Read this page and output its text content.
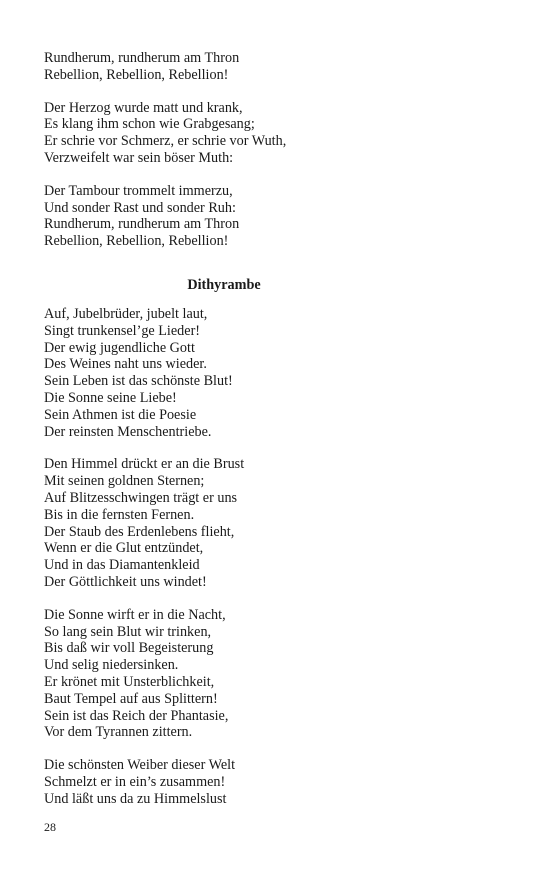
Rundherum, rundherum am Thron
Rebellion, Rebellion, Rebellion!
Der Herzog wurde matt und krank,
Es klang ihm schon wie Grabgesang;
Er schrie vor Schmerz, er schrie vor Wuth,
Verzweifelt war sein böser Muth:
Der Tambour trommelt immerzu,
Und sonder Rast und sonder Ruh:
Rundherum, rundherum am Thron
Rebellion, Rebellion, Rebellion!
Dithyrambe
Auf, Jubelbrüder, jubelt laut,
Singt trunkensel’ge Lieder!
Der ewig jugendliche Gott
Des Weines naht uns wieder.
Sein Leben ist das schönste Blut!
Die Sonne seine Liebe!
Sein Athmen ist die Poesie
Der reinsten Menschentriebe.
Den Himmel drückt er an die Brust
Mit seinen goldnen Sternen;
Auf Blitzesschwingen trägt er uns
Bis in die fernsten Fernen.
Der Staub des Erdenlebens flieht,
Wenn er die Glut entzündet,
Und in das Diamantenkleid
Der Göttlichkeit uns windet!
Die Sonne wirft er in die Nacht,
So lang sein Blut wir trinken,
Bis daß wir voll Begeisterung
Und selig niedersinken.
Er krönet mit Unsterblichkeit,
Baut Tempel auf aus Splittern!
Sein ist das Reich der Phantasie,
Vor dem Tyrannen zittern.
Die schönsten Weiber dieser Welt
Schmelzt er in ein’s zusammen!
Und läßt uns da zu Himmelslust
28
